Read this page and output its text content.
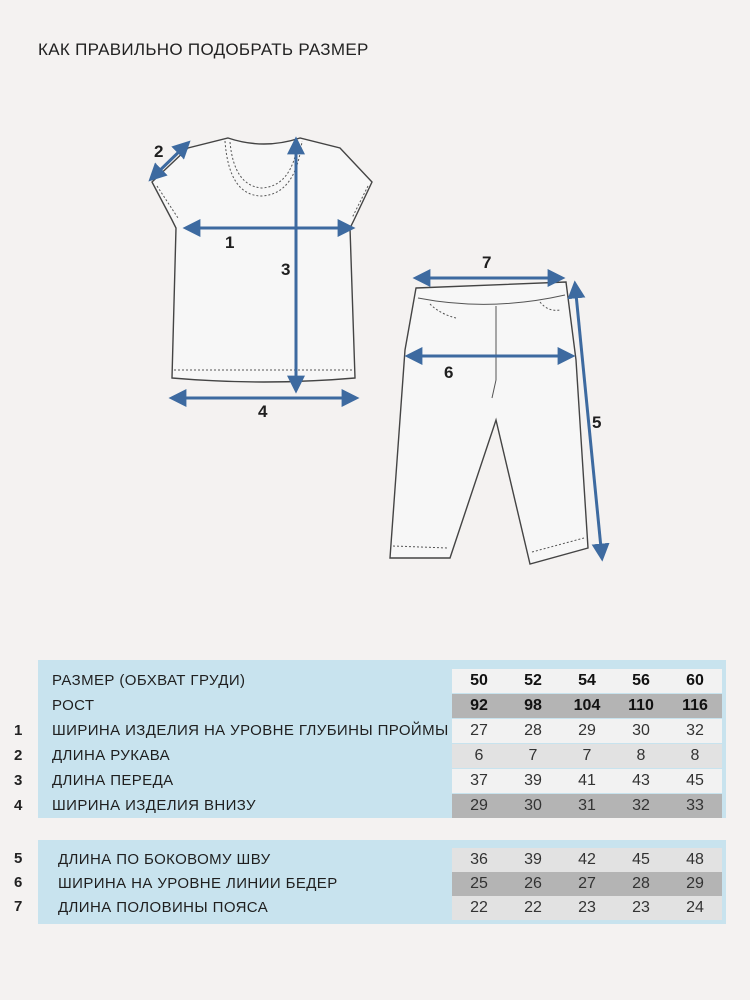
КАК ПРАВИЛЬНО ПОДОБРАТЬ РАЗМЕР
1
2
3
4
5
6
7
РАЗМЕР (ОБХВАТ ГРУДИ)	50	52	54	56	60
РОСТ	92	98	104	110	116
ШИРИНА ИЗДЕЛИЯ НА УРОВНЕ ГЛУБИНЫ ПРОЙМЫ	27	28	29	30	32
ДЛИНА РУКАВА	6	7	7	8	8
ДЛИНА ПЕРЕДА	37	39	41	43	45
ШИРИНА ИЗДЕЛИЯ ВНИЗУ	29	30	31	32	33
1
2
3
4
ДЛИНА ПО БОКОВОМУ ШВУ	36	39	42	45	48
ШИРИНА НА УРОВНЕ ЛИНИИ БЕДЕР	25	26	27	28	29
ДЛИНА ПОЛОВИНЫ ПОЯСА	22	22	23	23	24
5
6
7
